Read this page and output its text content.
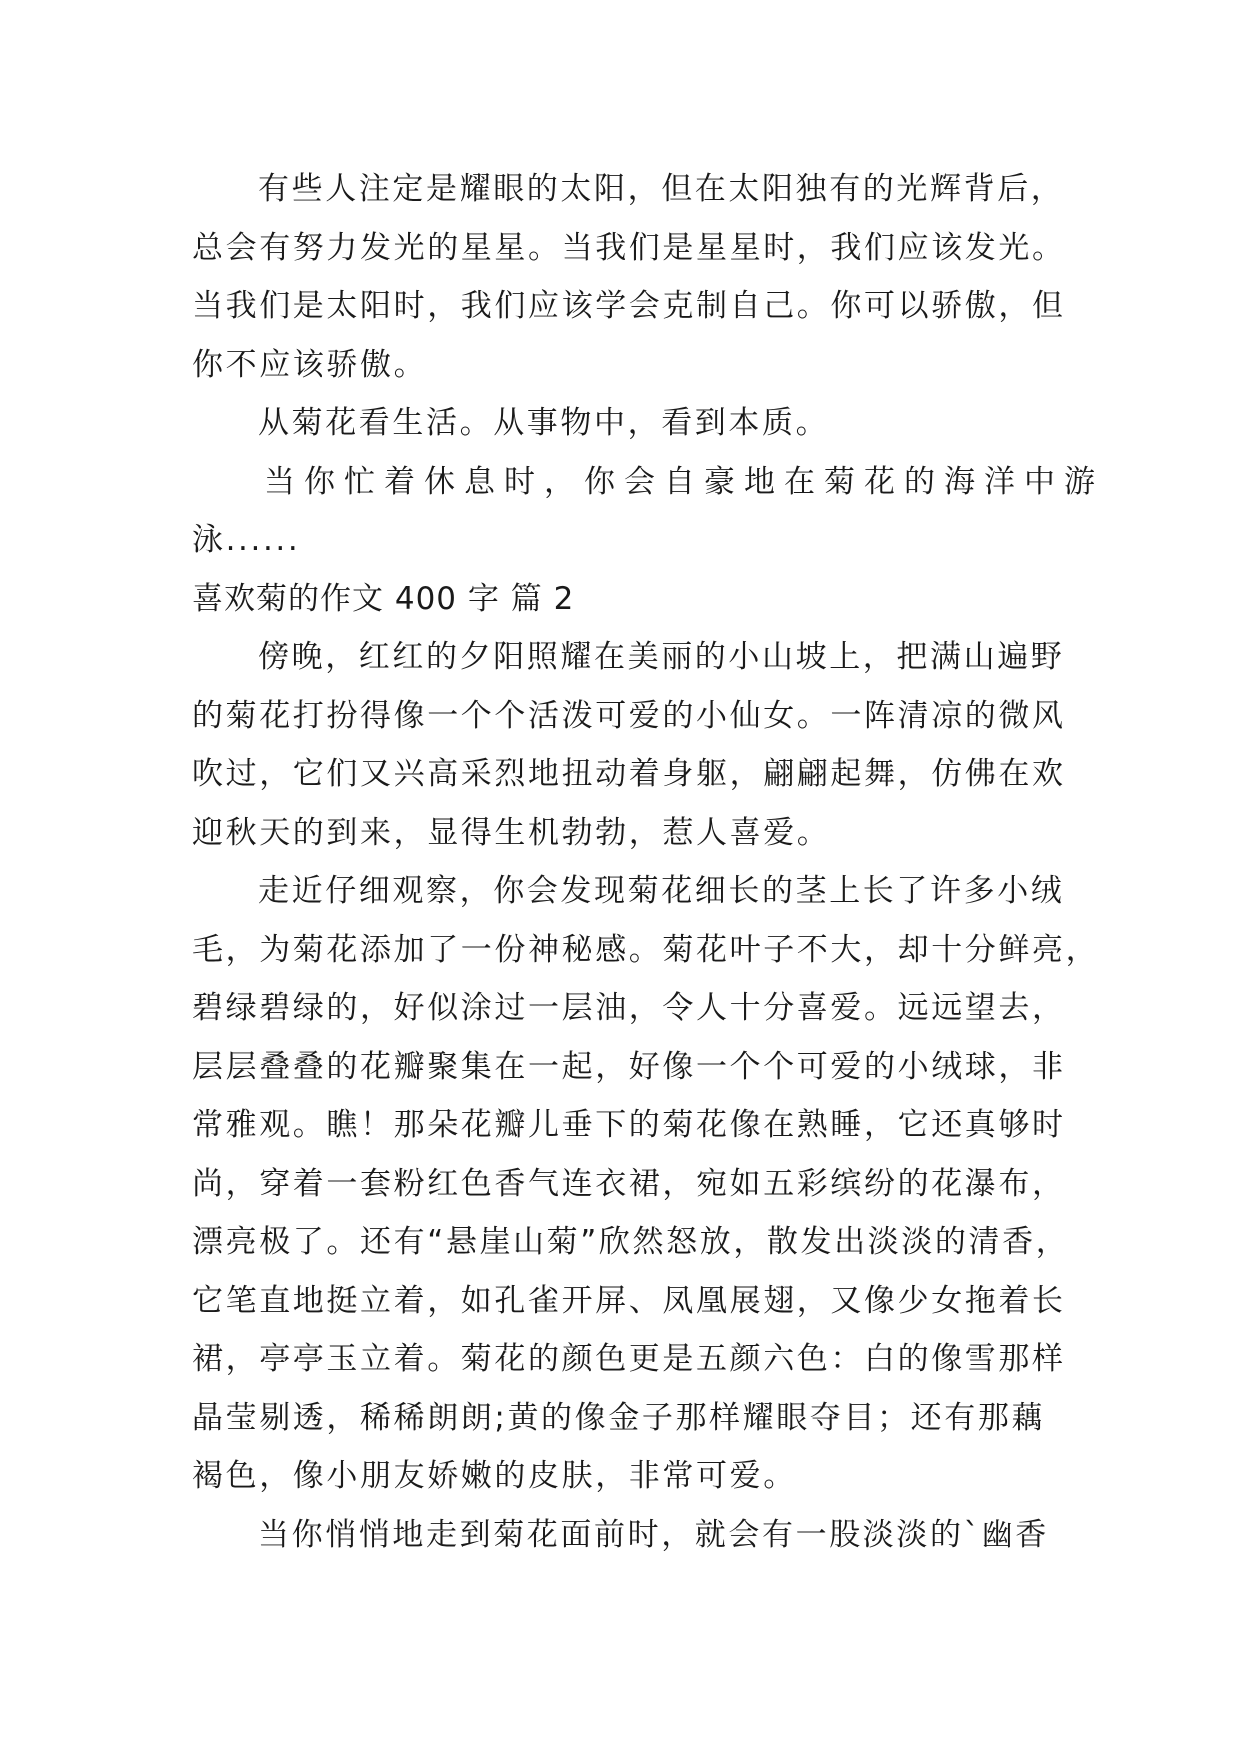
有些人注定是耀眼的太阳，但在太阳独有的光辉背后，
总会有努力发光的星星。当我们是星星时，我们应该发光。
当我们是太阳时，我们应该学会克制自己。你可以骄傲，但
你不应该骄傲。
从菊花看生活。从事物中，看到本质。
当你忙着休息时，你会自豪地在菊花的海洋中游
泳......
喜欢菊的作文 400 字 篇 2
傍晚，红红的夕阳照耀在美丽的小山坡上，把满山遍野
的菊花打扮得像一个个活泼可爱的小仙女。一阵清凉的微风
吹过，它们又兴高采烈地扭动着身躯，翩翩起舞，仿佛在欢
迎秋天的到来，显得生机勃勃，惹人喜爱。
走近仔细观察，你会发现菊花细长的茎上长了许多小绒
毛，为菊花添加了一份神秘感。菊花叶子不大，却十分鲜亮，
碧绿碧绿的，好似涂过一层油，令人十分喜爱。远远望去，
层层叠叠的花瓣聚集在一起，好像一个个可爱的小绒球，非
常雅观。瞧！那朵花瓣儿垂下的菊花像在熟睡，它还真够时
尚，穿着一套粉红色香气连衣裙，宛如五彩缤纷的花瀑布，
漂亮极了。还有“悬崖山菊”欣然怒放，散发出淡淡的清香，
它笔直地挺立着，如孔雀开屏、凤凰展翅，又像少女拖着长
裙，亭亭玉立着。菊花的颜色更是五颜六色：白的像雪那样
晶莹剔透，稀稀朗朗;黄的像金子那样耀眼夺目；还有那藕
褐色，像小朋友娇嫩的皮肤，非常可爱。
当你悄悄地走到菊花面前时，就会有一股淡淡的`幽香
